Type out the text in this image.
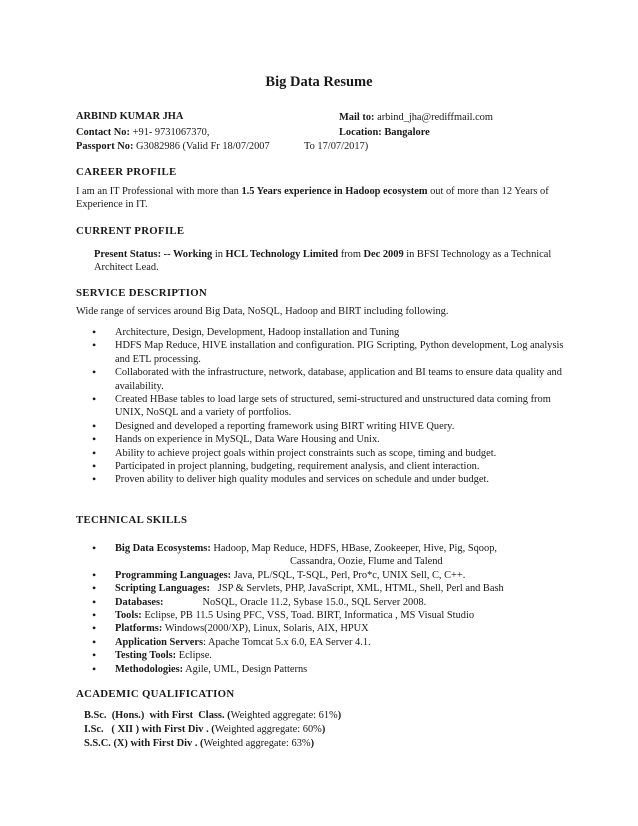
Big Data Resume
ARBIND KUMAR JHA	Mail to: arbind_jha@rediffmail.com
Contact No: +91- 9731067370,	Location: Bangalore
Passport No: G3082986 (Valid Fr 18/07/2007	To 17/07/2017)
CAREER PROFILE
I am an IT Professional with more than 1.5 Years experience in Hadoop ecosystem out of more than 12 Years of Experience in IT.
CURRENT PROFILE
Present Status: -- Working in HCL Technology Limited from Dec 2009 in BFSI Technology as a Technical Architect Lead.
SERVICE DESCRIPTION
Wide range of services around Big Data, NoSQL, Hadoop and BIRT including following.
• Architecture, Design, Development, Hadoop installation and Tuning
• HDFS Map Reduce, HIVE installation and configuration. PIG Scripting, Python development, Log analysis and ETL processing.
• Collaborated with the infrastructure, network, database, application and BI teams to ensure data quality and availability.
• Created HBase tables to load large sets of structured, semi-structured and unstructured data coming from UNIX, NoSQL and a variety of portfolios.
• Designed and developed a reporting framework using BIRT writing HIVE Query.
• Hands on experience in MySQL, Data Ware Housing and Unix.
• Ability to achieve project goals within project constraints such as scope, timing and budget.
• Participated in project planning, budgeting, requirement analysis, and client interaction.
• Proven ability to deliver high quality modules and services on schedule and under budget.
TECHNICAL SKILLS
• Big Data Ecosystems: Hadoop, Map Reduce, HDFS, HBase, Zookeeper, Hive, Pig, Sqoop,
Cassandra, Oozie, Flume and Talend
• Programming Languages: Java, PL/SQL, T-SQL, Perl, Pro*c, UNIX Sell, C, C++.
• Scripting Languages:   JSP & Servlets, PHP, JavaScript, XML, HTML, Shell, Perl and Bash
• Databases:               NoSQL, Oracle 11.2, Sybase 15.0., SQL Server 2008.
• Tools: Eclipse, PB 11.5 Using PFC, VSS, Toad. BIRT, Informatica , MS Visual Studio
• Platforms: Windows(2000/XP), Linux, Solaris, AIX, HPUX
• Application Servers: Apache Tomcat 5.x 6.0, EA Server 4.1.
• Testing Tools: Eclipse.
• Methodologies: Agile, UML, Design Patterns
ACADEMIC QUALIFICATION
B.Sc.  (Hons.)  with First  Class. (Weighted aggregate: 61%)
I.Sc.   ( XII ) with First Div . (Weighted aggregate: 60%)
S.S.C. (X) with First Div . (Weighted aggregate: 63%)
